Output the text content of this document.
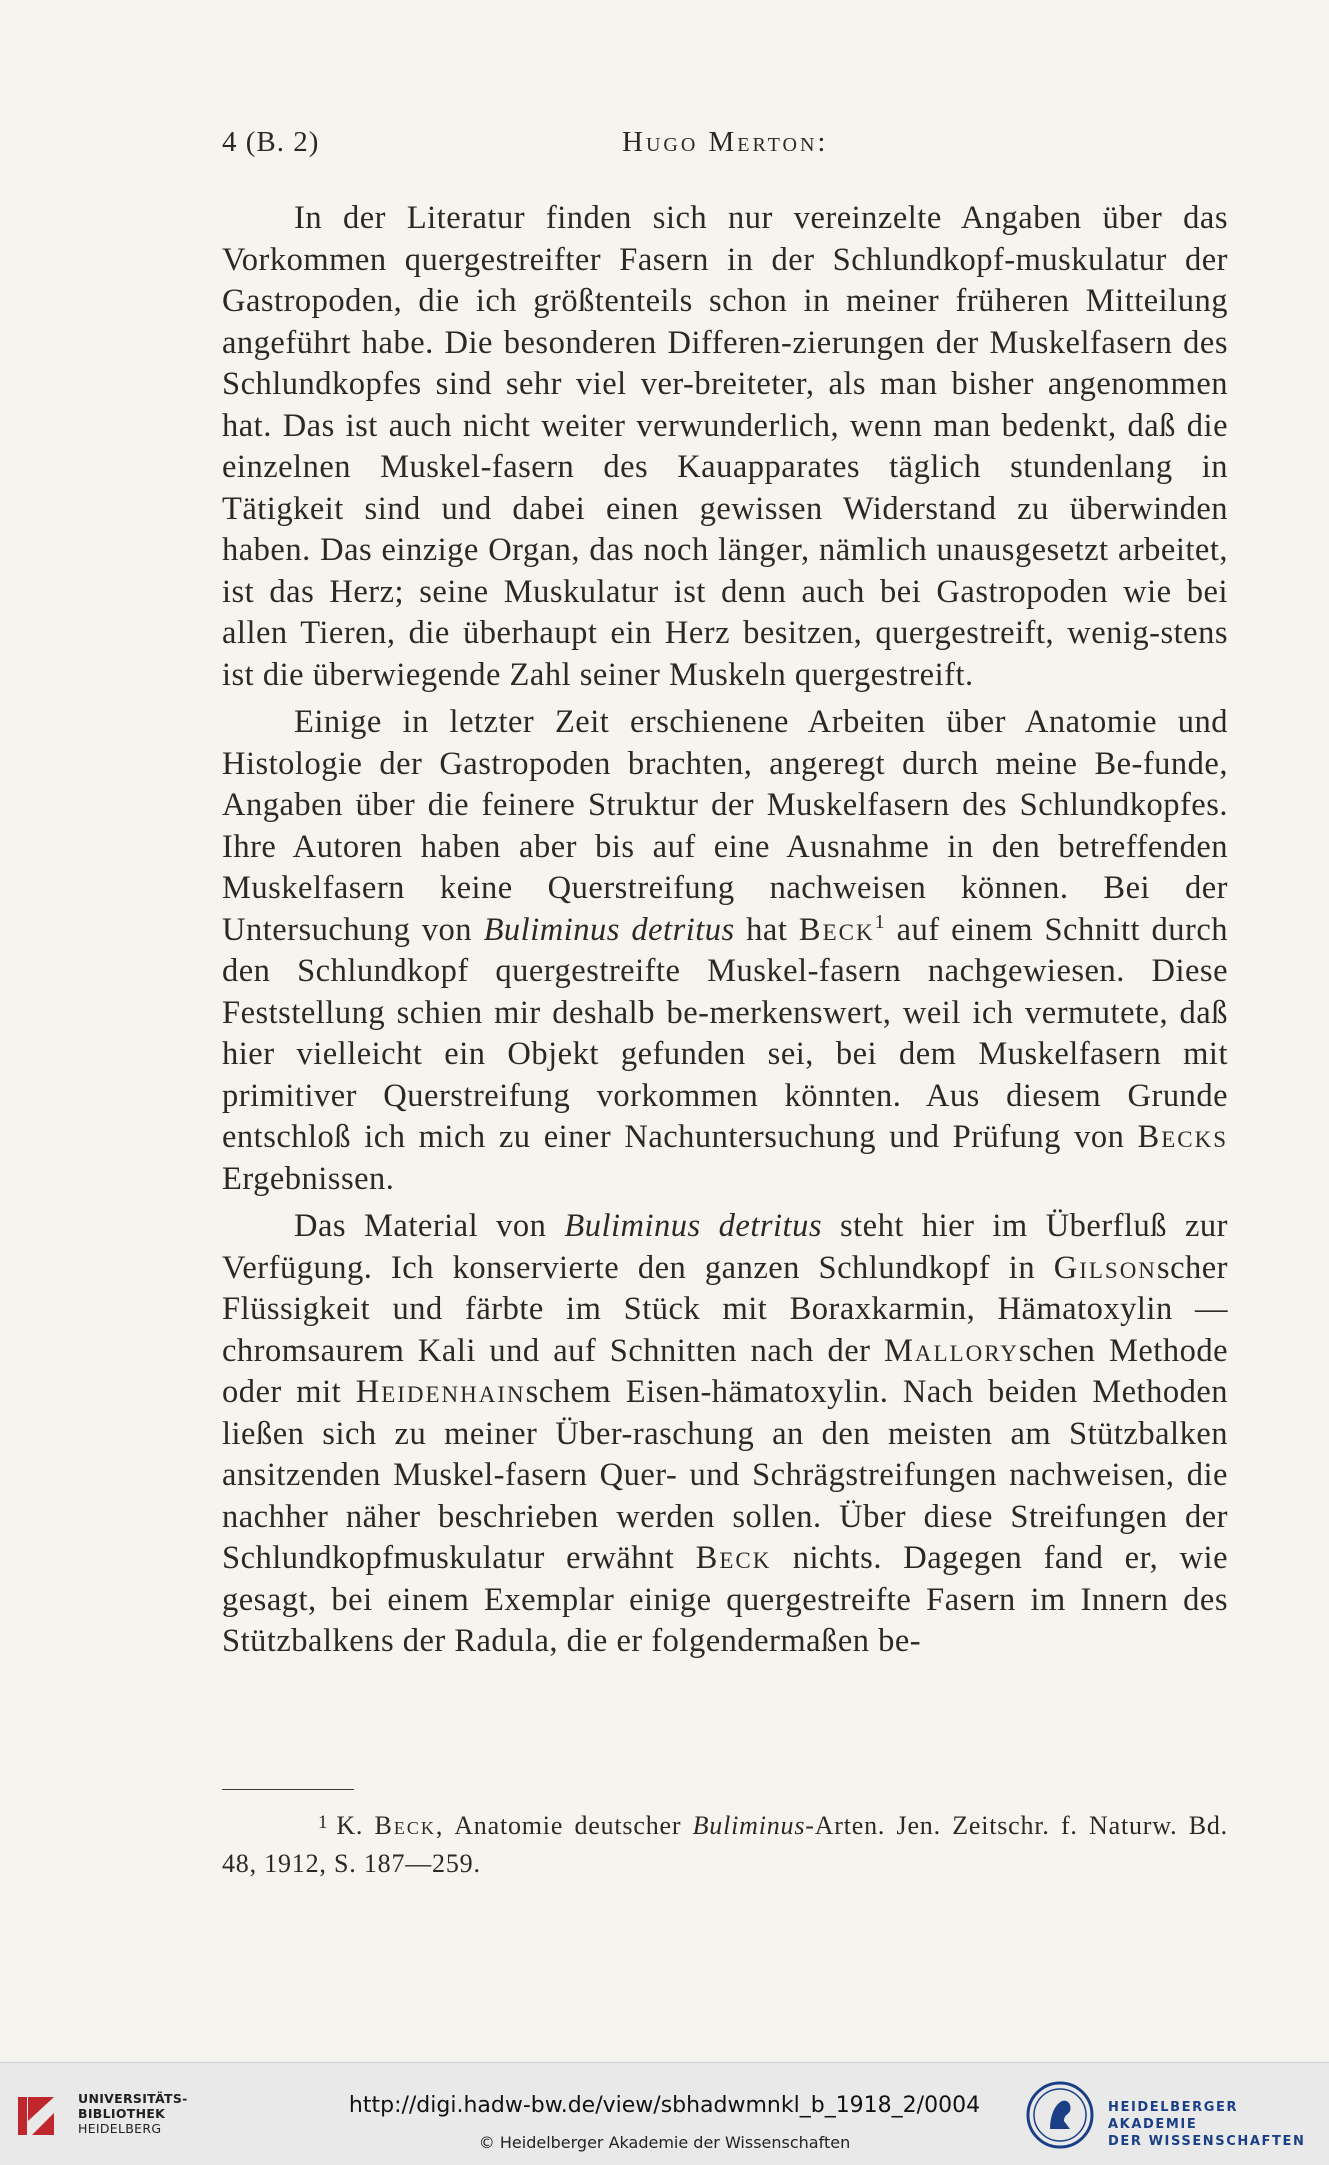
4 (B. 2)	Hugo Merton:

In der Literatur finden sich nur vereinzelte Angaben über das Vorkommen quergestreifter Fasern in der Schlundkopf-muskulatur der Gastropoden, die ich größtenteils schon in meiner früheren Mitteilung angeführt habe. Die besonderen Differen-zierungen der Muskelfasern des Schlundkopfes sind sehr viel ver-breiteter, als man bisher angenommen hat. Das ist auch nicht weiter verwunderlich, wenn man bedenkt, daß die einzelnen Muskel-fasern des Kauapparates täglich stundenlang in Tätigkeit sind und dabei einen gewissen Widerstand zu überwinden haben. Das einzige Organ, das noch länger, nämlich unausgesetzt arbeitet, ist das Herz; seine Muskulatur ist denn auch bei Gastropoden wie bei allen Tieren, die überhaupt ein Herz besitzen, quergestreift, wenig-stens ist die überwiegende Zahl seiner Muskeln quergestreift.

Einige in letzter Zeit erschienene Arbeiten über Anatomie und Histologie der Gastropoden brachten, angeregt durch meine Be-funde, Angaben über die feinere Struktur der Muskelfasern des Schlundkopfes. Ihre Autoren haben aber bis auf eine Ausnahme in den betreffenden Muskelfasern keine Querstreifung nachweisen können. Bei der Untersuchung von Buliminus detritus hat Beck$^1$ auf einem Schnitt durch den Schlundkopf quergestreifte Muskel-fasern nachgewiesen. Diese Feststellung schien mir deshalb be-merkenswert, weil ich vermutete, daß hier vielleicht ein Objekt gefunden sei, bei dem Muskelfasern mit primitiver Querstreifung vorkommen könnten. Aus diesem Grunde entschloß ich mich zu einer Nachuntersuchung und Prüfung von Becks Ergebnissen.

Das Material von Buliminus detritus steht hier im Überfluß zur Verfügung. Ich konservierte den ganzen Schlundkopf in Gilsonscher Flüssigkeit und färbte im Stück mit Boraxkarmin, Hämatoxylin — chromsaurem Kali und auf Schnitten nach der Malloryschen Methode oder mit Heidenhainschem Eisen-hämatoxylin. Nach beiden Methoden ließen sich zu meiner Über-raschung an den meisten am Stützbalken ansitzenden Muskel-fasern Quer- und Schrägstreifungen nachweisen, die nachher näher beschrieben werden sollen. Über diese Streifungen der Schlundkopfmuskulatur erwähnt Beck nichts. Dagegen fand er, wie gesagt, bei einem Exemplar einige quergestreifte Fasern im Innern des Stützbalkens der Radula, die er folgendermaßen be-

$^1$ K. Beck, Anatomie deutscher Buliminus-Arten. Jen. Zeitschr. f. Naturw. Bd. 48, 1912, S. 187—259.
UNIVERSITÄTS-
BIBLIOTHEK
HEIDELBERG
http://digi.hadw-bw.de/view/sbhadwmnkl_b_1918_2/0004
© Heidelberger Akademie der Wissenschaften
HEIDELBERGER AKADEMIE
DER WISSENSCHAFTEN
